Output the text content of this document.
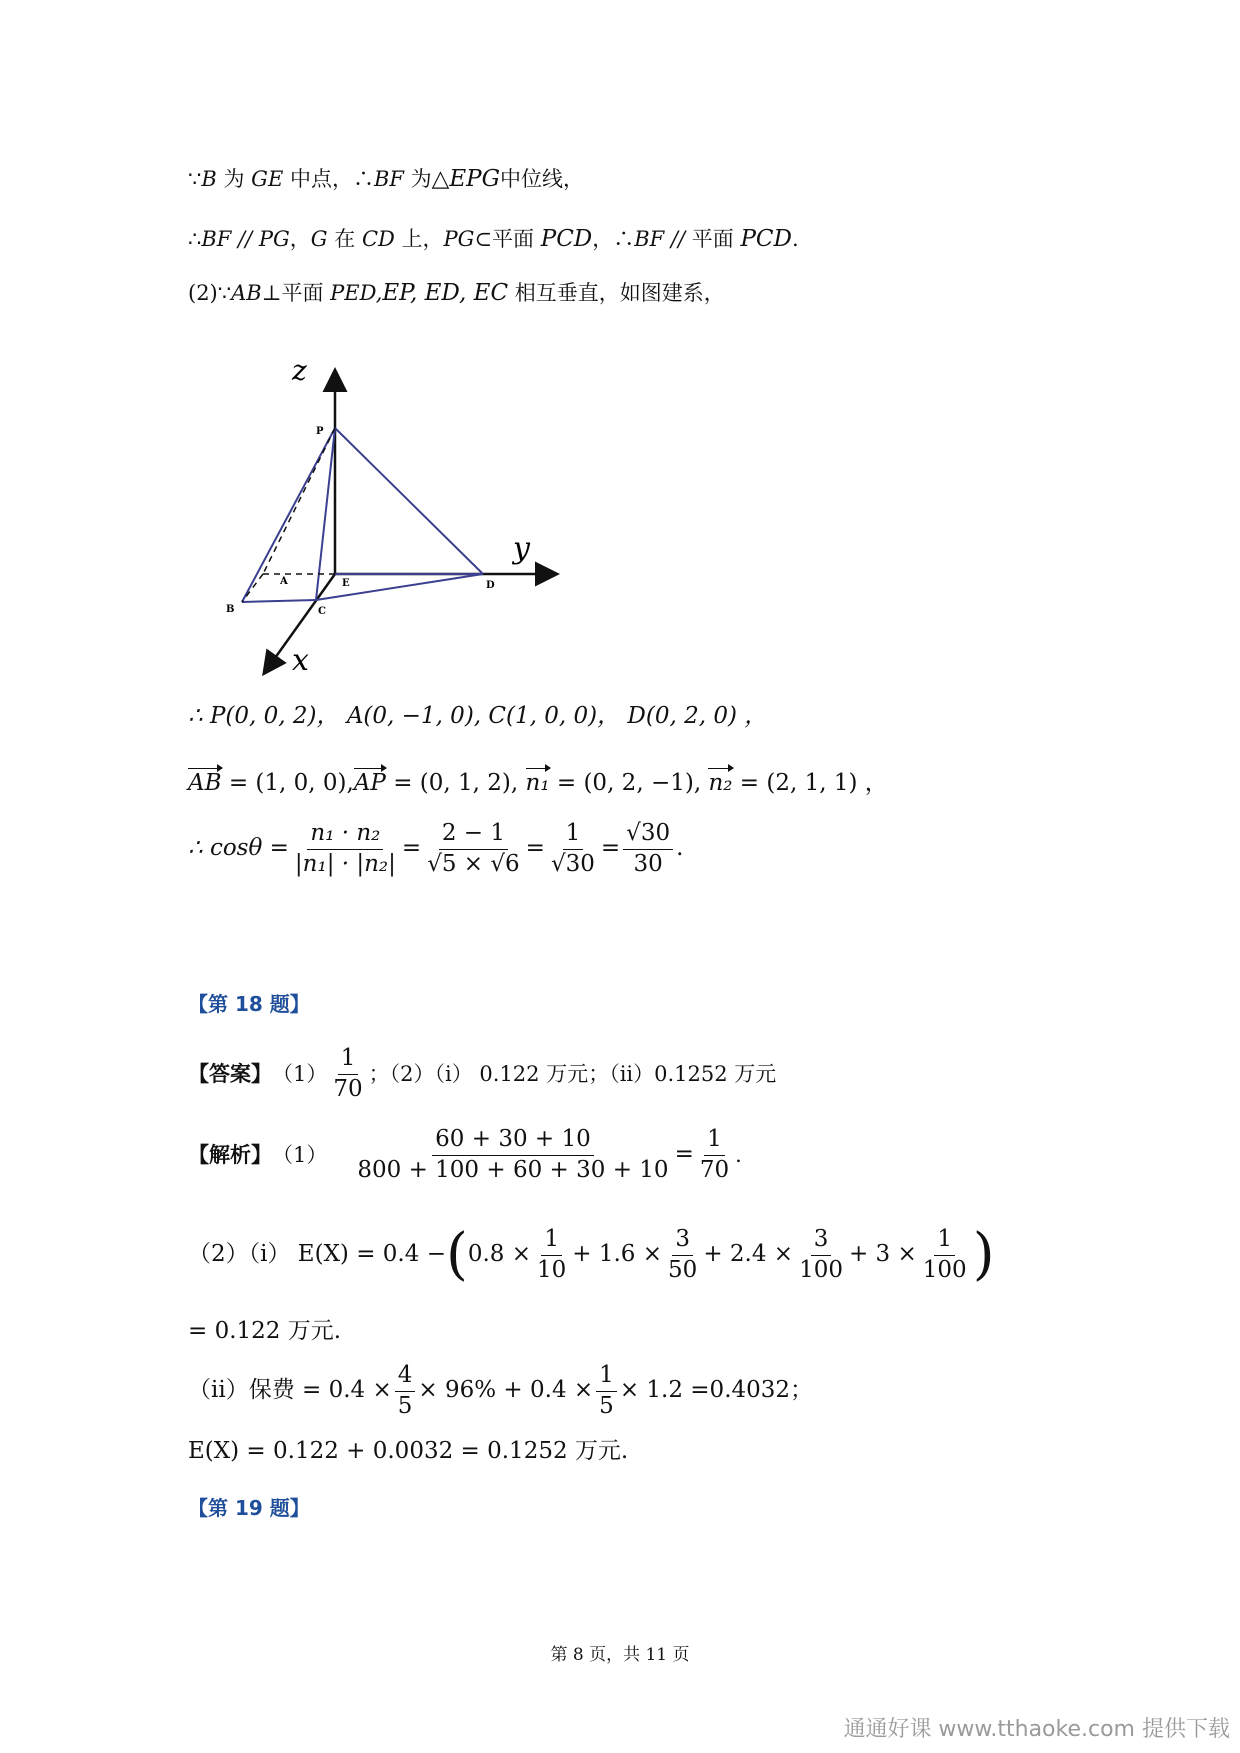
∵B 为 GE 中点，∴BF 为△EPG中位线，
∴BF // PG，G 在 CD 上，PG⊂平面 PCD，∴BF // 平面 PCD.
(2)∵AB⊥平面 PED,EP, ED, EC 相互垂直，如图建系，
z
y
x
P
A	E	D
B	C
∴ P(0, 0, 2)， A(0, −1, 0), C(1, 0, 0)， D(0, 2, 0) ，
AB = (1, 0, 0),AP = (0, 1, 2), n₁ = (0, 2, −1), n₂ = (2, 1, 1) ，
∴ $\cos\theta = \frac{\text{n₁ · n₂}}{\text{|n₁| · |n₂|}} = \frac{2 - 1}{√5 \times √6} = \frac{1}{√30} = \frac{√30}{30}$ .
【第 18 题】
【答案】 $(1) \frac{1}{70}$ ；（2）（i） 0.122 万元；（ii）0.1252 万元
【解析】 $(1) \frac{60 + 30 + 10}{800 + 100 + 60 + 30 + 10} = \frac{1}{70}$ .
（2）（i） E(X) = 0.4 − ( $0.8 \times \frac{1}{10} + 1.6 \times \frac{3}{50} + 2.4 \times \frac{3}{100} + 3 \times \frac{1}{100}$ )
= 0.122 万元.
（ii）保费 = $0.4 \times \frac{4}{5} \times 96\% + 0.4 \times \frac{1}{5} \times 1.2 =0.4032$；
E(X) = 0.122 + 0.0032 = 0.1252 万元.
【第 19 题】
第 8 页，共 11 页
通通好课 www.tthaoke.com 提供下载
